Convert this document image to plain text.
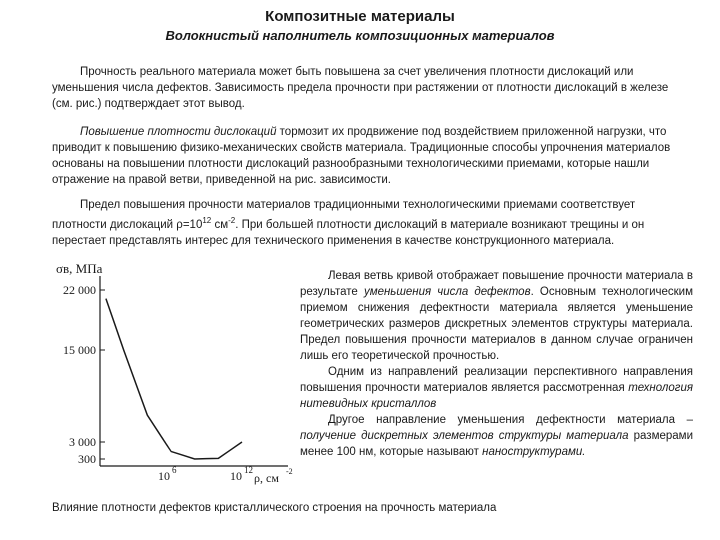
Композитные материалы
Волокнистый наполнитель композиционных материалов

Прочность реального материала может быть повышена за счет увеличения плотности дислокаций или уменьшения числа дефектов. Зависимость предела прочности при растяжении от плотности дислокаций в железе (см. рис.) подтверждает этот вывод.

Повышение плотности дислокаций тормозит их продвижение под воздействием приложенной нагрузки, что приводит к повышению физико-механических свойств материала. Традиционные способы упрочнения материалов основаны на повышении плотности дислокаций разнообразными технологическими приемами, которые нашли отражение на правой ветви, приведенной на рис. зависимости.

Предел повышения прочности материалов традиционными технологическими приемами соответствует плотности дислокаций $\rho=10^{12}$ $см^{-2}$. При большей плотности дислокаций в материале возникают трещины и он перестает представлять интерес для технического применения в качестве конструкционного материала.

σв, МПа
22 000
15 000
3 000
300
10 6	10 12
ρ, см -2

Левая ветвь кривой отображает повышение прочности материала в результате уменьшения числа дефектов. Основным технологическим приемом снижения дефектности материала является уменьшение геометрических размеров дискретных элементов структуры материала. Предел повышения прочности материалов в данном случае ограничен лишь его теоретической прочностью.

Одним из направлений реализации перспективного направления повышения прочности материалов является рассмотренная технология нитевидных кристаллов

Другое направление уменьшения дефектности материала – получение дискретных элементов структуры материала размерами менее 100 нм, которые называют наноструктурами.

Влияние плотности дефектов кристаллического строения на прочность материала
